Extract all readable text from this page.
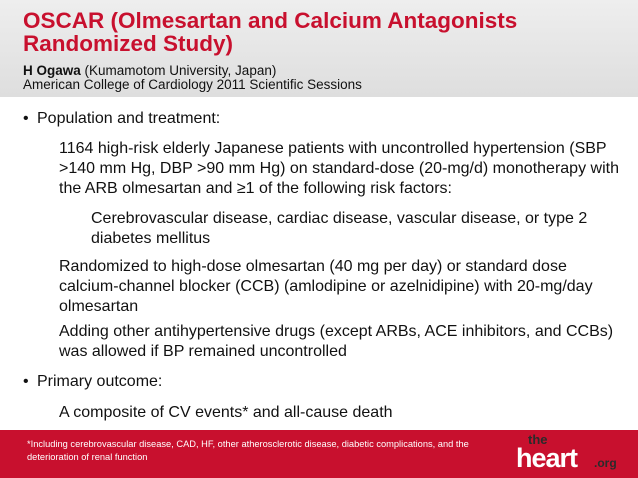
OSCAR (Olmesartan and Calcium Antagonists Randomized Study)
H Ogawa (Kumamotom University, Japan)
American College of Cardiology 2011 Scientific Sessions
• Population and treatment:
1164 high-risk elderly Japanese patients with uncontrolled hypertension (SBP >140 mm Hg, DBP >90 mm Hg) on standard-dose (20-mg/d) monotherapy with the ARB olmesartan and ≥1 of the following risk factors:
Cerebrovascular disease, cardiac disease, vascular disease, or type 2 diabetes mellitus
Randomized to high-dose olmesartan (40 mg per day) or standard dose calcium-channel blocker (CCB) (amlodipine or azelnidipine) with 20-mg/day olmesartan
Adding other antihypertensive drugs (except ARBs, ACE inhibitors, and CCBs) was allowed if BP remained uncontrolled
• Primary outcome:
A composite of CV events* and all-cause death
*Including cerebrovascular disease, CAD, HF, other atherosclerotic disease, diabetic complications, and the deterioration of renal function
the
heart .org
